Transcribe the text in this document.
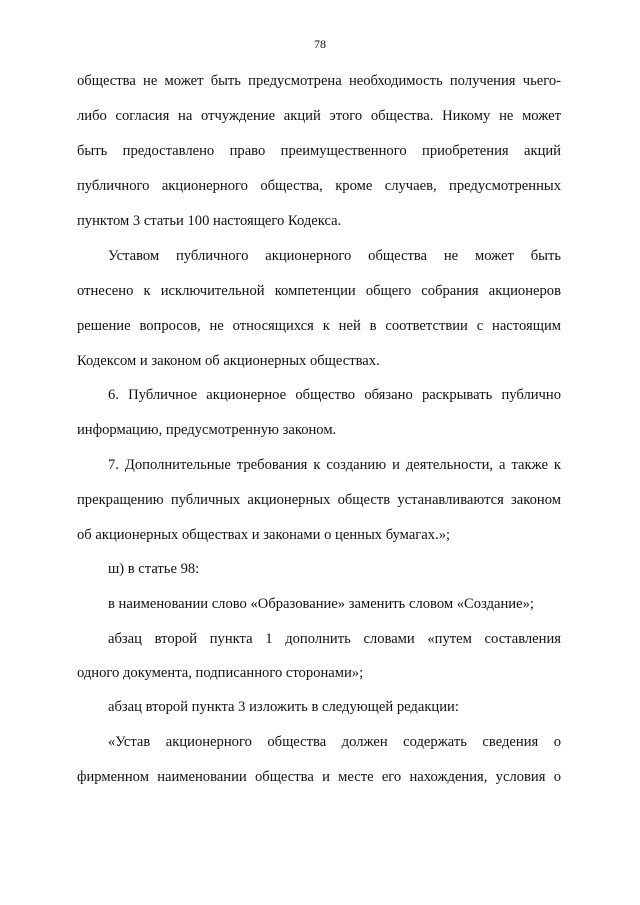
78
общества не может быть предусмотрена необходимость получения чьего-
либо согласия на отчуждение акций этого общества. Никому не может
быть предоставлено право преимущественного приобретения акций
публичного акционерного общества, кроме случаев, предусмотренных
пунктом 3 статьи 100 настоящего Кодекса.
Уставом публичного акционерного общества не может быть
отнесено к исключительной компетенции общего собрания акционеров
решение вопросов, не относящихся к ней в соответствии с настоящим
Кодексом и законом об акционерных обществах.
6. Публичное акционерное общество обязано раскрывать публично
информацию, предусмотренную законом.
7. Дополнительные требования к созданию и деятельности, а также к
прекращению публичных акционерных обществ устанавливаются законом
об акционерных обществах и законами о ценных бумагах.»;
ш) в статье 98:
в наименовании слово «Образование» заменить словом «Создание»;
абзац второй пункта 1 дополнить словами «путем составления
одного документа, подписанного сторонами»;
абзац второй пункта 3 изложить в следующей редакции:
«Устав акционерного общества должен содержать сведения о
фирменном наименовании общества и месте его нахождения, условия о
